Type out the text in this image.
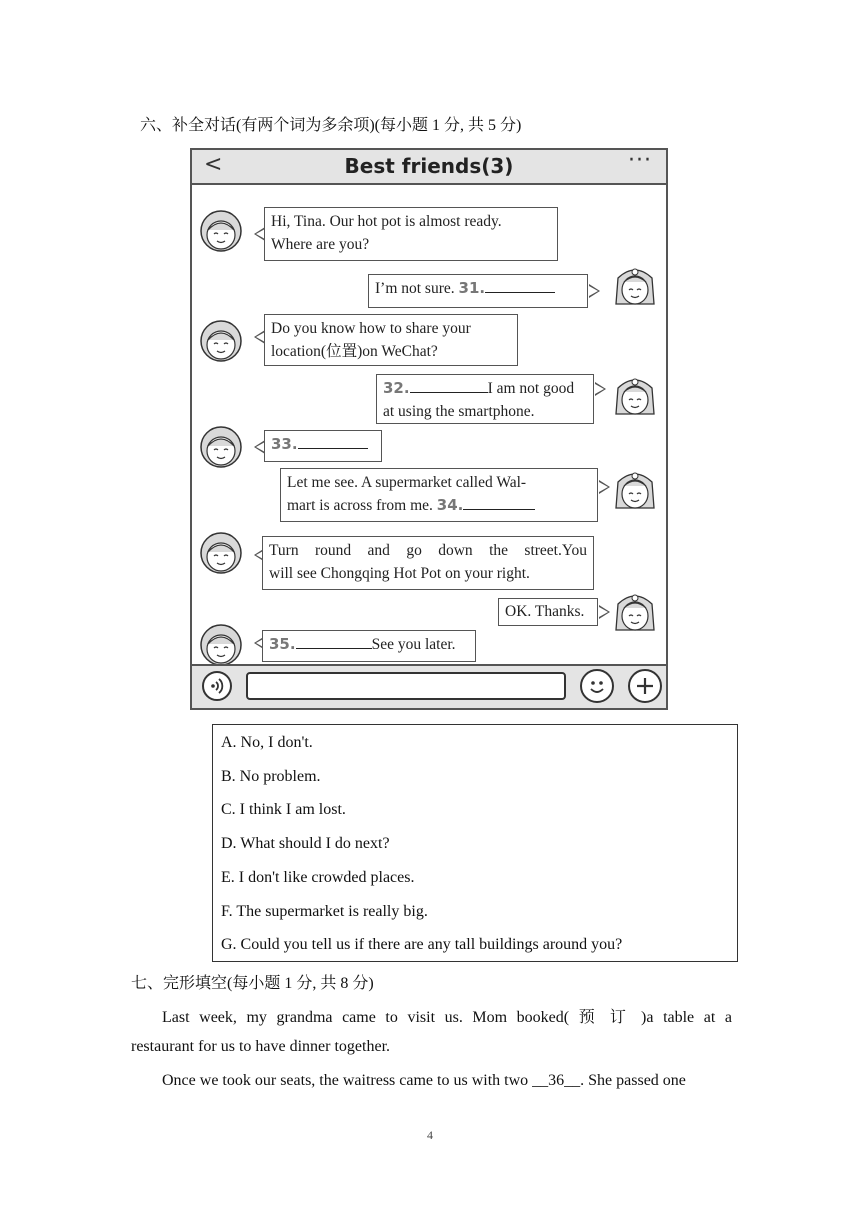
六、补全对话(有两个词为多余项)(每小题 1 分, 共 5 分)
<	Best friends(3)	···
Hi, Tina. Our hot pot is almost ready.
Where are you?
I’m not sure. 31.
Do you know how to share your
location(位置)on WeChat?
32.	I am not good
at using the smartphone.
33.
Let me see. A supermarket called Wal-
mart is across from me. 34.
Turn round and go down the street.You
will see Chongqing Hot Pot on your right.
OK. Thanks.
35.	See you later.
A. No, I don't.
B. No problem.
C. I think I am lost.
D. What should I do next?
E. I don't like crowded places.
F. The supermarket is really big.
G. Could you tell us if there are any tall buildings around you?
七、完形填空(每小题 1 分, 共 8 分)
Last week, my grandma came to visit us. Mom booked( 预 订 )a table at a
restaurant for us to have dinner together.
Once we took our seats, the waitress came to us with two __36__. She passed one
4
